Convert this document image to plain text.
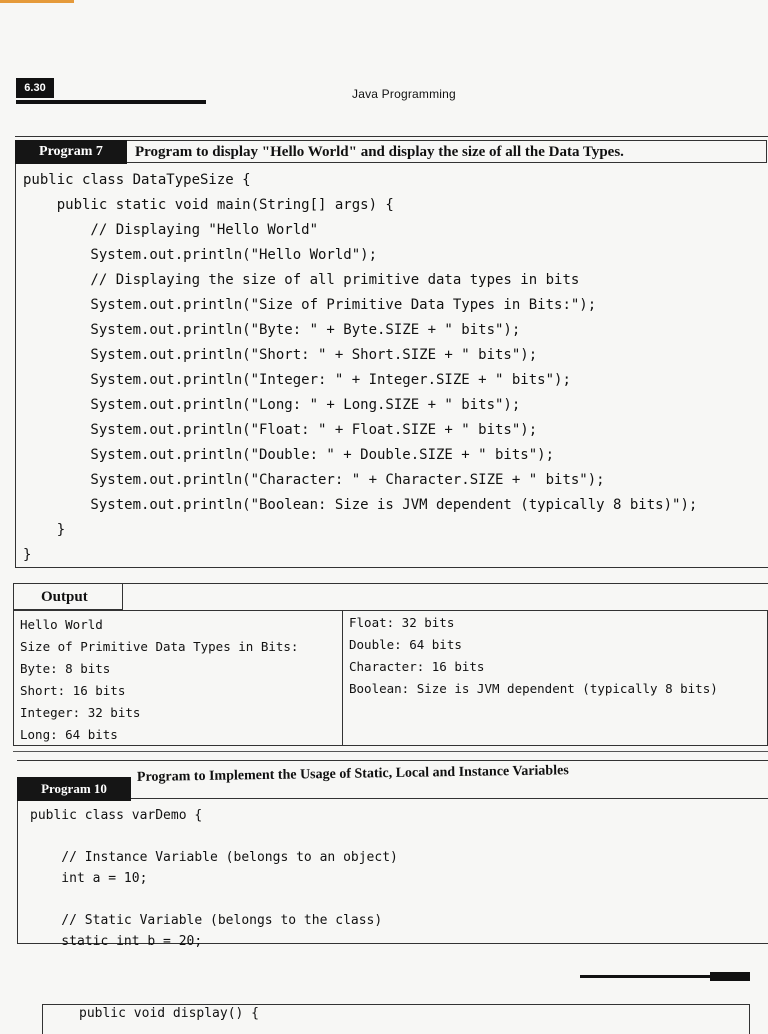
6.30	Java Programming
Program 7	Program to display "Hello World" and display the size of all the Data Types.
public class DataTypeSize {
public static void main(String[] args) {
// Displaying "Hello World"
System.out.println("Hello World");
// Displaying the size of all primitive data types in bits
System.out.println("Size of Primitive Data Types in Bits:");
System.out.println("Byte: " + Byte.SIZE + " bits");
System.out.println("Short: " + Short.SIZE + " bits");
System.out.println("Integer: " + Integer.SIZE + " bits");
System.out.println("Long: " + Long.SIZE + " bits");
System.out.println("Float: " + Float.SIZE + " bits");
System.out.println("Double: " + Double.SIZE + " bits");
System.out.println("Character: " + Character.SIZE + " bits");
System.out.println("Boolean: Size is JVM dependent (typically 8 bits)");
}
}
Output
Hello World
Size of Primitive Data Types in Bits:
Byte: 8 bits
Short: 16 bits
Integer: 32 bits
Long: 64 bits
Float: 32 bits
Double: 64 bits
Character: 16 bits
Boolean: Size is JVM dependent (typically 8 bits)
Program 10
Program to Implement the Usage of Static, Local and Instance Variables
public class varDemo {

// Instance Variable (belongs to an object)
int a = 10;

// Static Variable (belongs to the class)
static int b = 20;
public void display() {
